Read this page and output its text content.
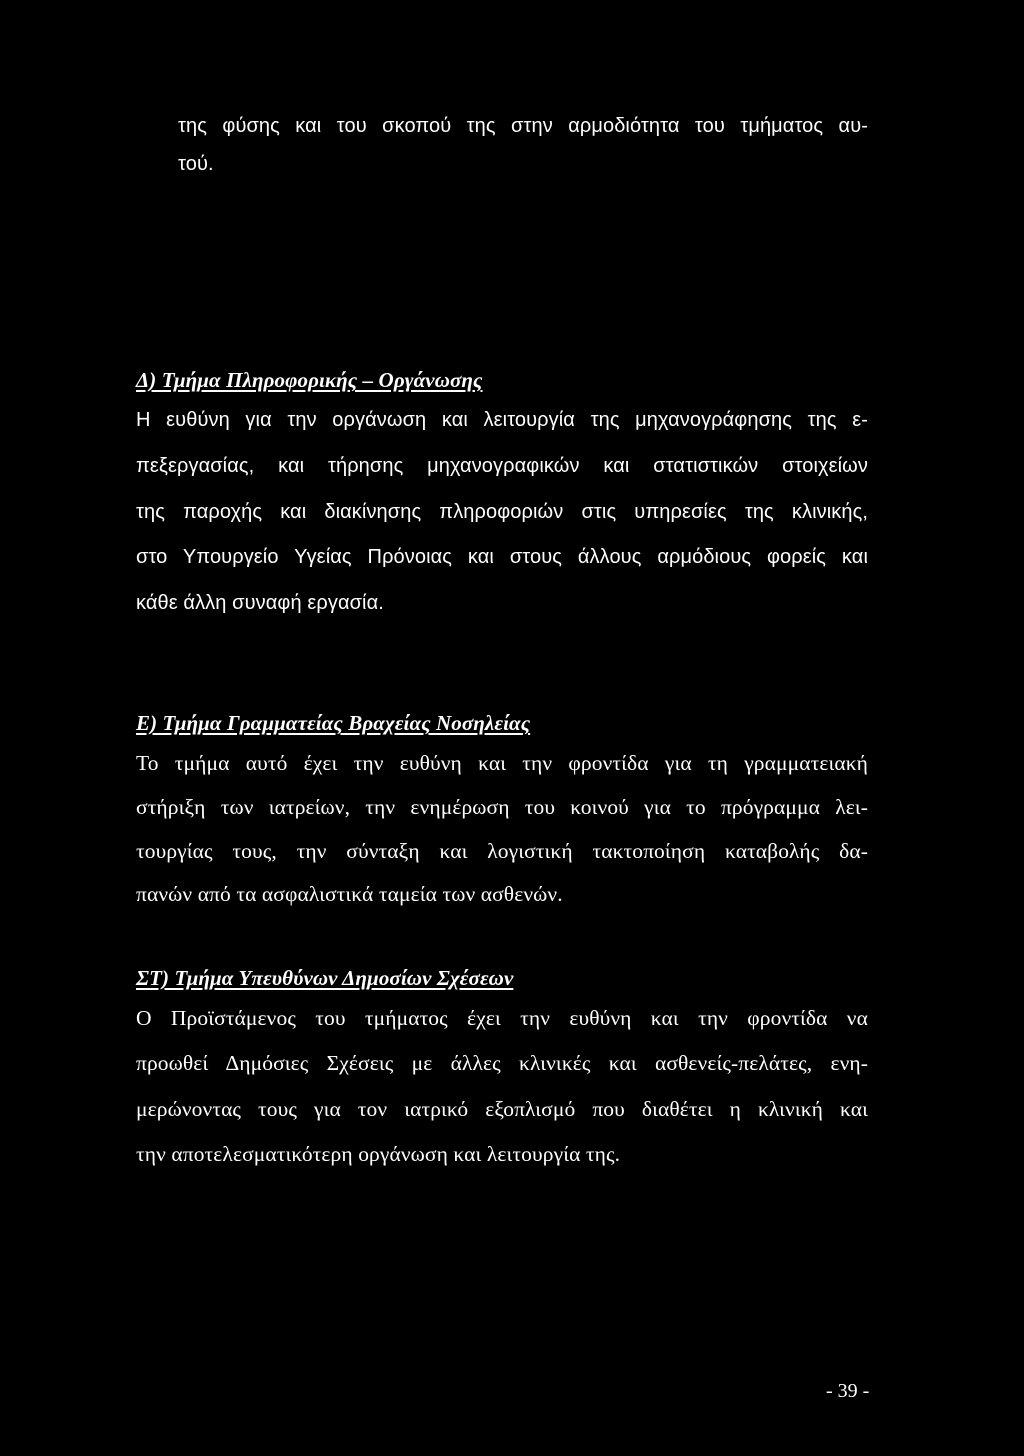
της φύσης και του σκοπού της στην αρμοδιότητα του τμήματος αυ-
τού.
Δ) Τμήμα Πληροφορικής – Οργάνωσης
Η ευθύνη για την οργάνωση και λειτουργία της μηχανογράφησης της ε-
πεξεργασίας, και τήρησης μηχανογραφικών και στατιστικών στοιχείων
της παροχής και διακίνησης πληροφοριών στις υπηρεσίες της κλινικής,
στο Υπουργείο Υγείας Πρόνοιας και στους άλλους αρμόδιους φορείς και
κάθε άλλη συναφή εργασία.
Ε) Τμήμα Γραμματείας Βραχείας Νοσηλείας
Το τμήμα αυτό έχει την ευθύνη και την φροντίδα για τη γραμματειακή
στήριξη των ιατρείων, την ενημέρωση του κοινού για το πρόγραμμα λει-
τουργίας τους, την σύνταξη και λογιστική τακτοποίηση καταβολής δα-
πανών από τα ασφαλιστικά ταμεία των ασθενών.
ΣΤ) Τμήμα Υπευθύνων Δημοσίων Σχέσεων
Ο Προϊστάμενος του τμήματος έχει την ευθύνη και την φροντίδα να
προωθεί Δημόσιες Σχέσεις με άλλες κλινικές και ασθενείς-πελάτες, ενη-
μερώνοντας τους για τον ιατρικό εξοπλισμό που διαθέτει η κλινική και
την αποτελεσματικότερη οργάνωση και λειτουργία της.
- 39 -
